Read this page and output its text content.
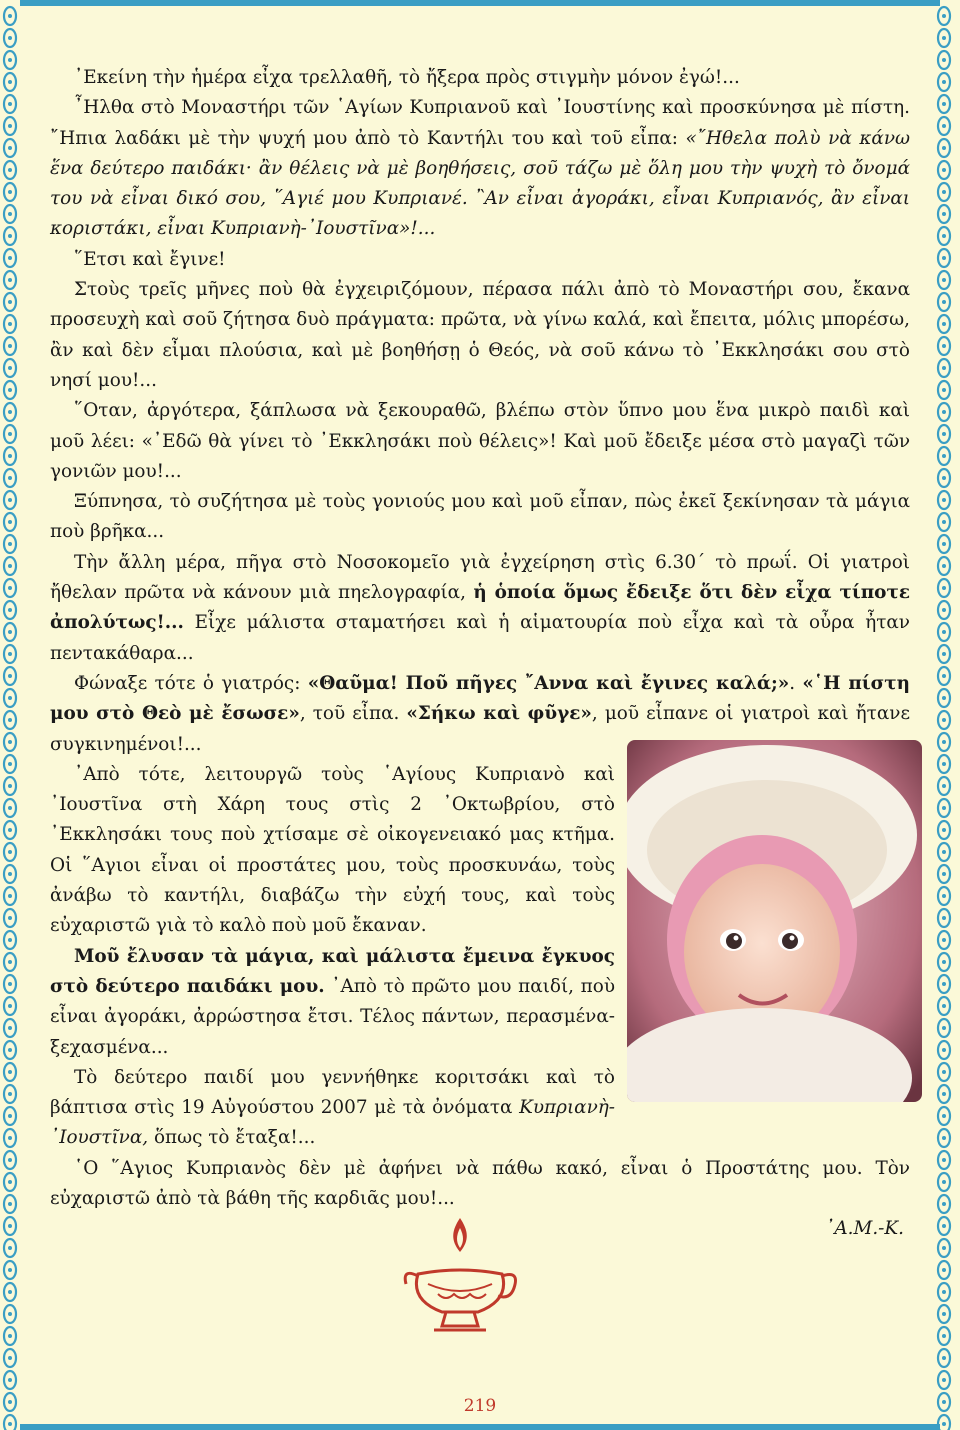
᾿Εκείνη τὴν ἡμέρα εἶχα τρελλαθῆ, τὸ ἤξερα πρὸς στιγμὴν μόνον ἐγώ!...

῏Ηλθα στὸ Μοναστήρι τῶν ῾Αγίων Κυπριανοῦ καὶ ᾿Ιουστίνης καὶ προσκύνησα μὲ πίστη. ῎Ηπια λαδάκι μὲ τὴν ψυχή μου ἀπὸ τὸ Καντήλι του καὶ τοῦ εἶπα: «῎Ηθελα πολὺ νὰ κάνω ἕνα δεύτερο παιδάκι· ἂν θέλεις νὰ μὲ βοηθήσεις, σοῦ τάζω μὲ ὅλη μου τὴν ψυχὴ τὸ ὄνομά του νὰ εἶναι δικό σου, ῞Αγιέ μου Κυπριανέ. ῍Αν εἶναι ἀγοράκι, εἶναι Κυπριανός, ἂν εἶναι κοριστάκι, εἶναι Κυπριανὴ-᾿Ιουστῖνα»!...

῞Ετσι καὶ ἔγινε!

Στοὺς τρεῖς μῆνες ποὺ θὰ ἐγχειριζόμουν, πέρασα πάλι ἀπὸ τὸ Μοναστήρι σου, ἔκανα προσευχὴ καὶ σοῦ ζήτησα δυὸ πράγματα: πρῶτα, νὰ γίνω καλά, καὶ ἔπειτα, μόλις μπορέσω, ἂν καὶ δὲν εἶμαι πλούσια, καὶ μὲ βοηθήσῃ ὁ Θεός, νὰ σοῦ κάνω τὸ ᾿Εκκλησάκι σου στὸ νησί μου!...

῞Οταν, ἀργότερα, ξάπλωσα νὰ ξεκουραθῶ, βλέπω στὸν ὕπνο μου ἕνα μικρὸ παιδὶ καὶ μοῦ λέει: «᾿Εδῶ θὰ γίνει τὸ ᾿Εκκλησάκι ποὺ θέλεις»! Καὶ μοῦ ἔδειξε μέσα στὸ μαγαζὶ τῶν γονιῶν μου!...

Ξύπνησα, τὸ συζήτησα μὲ τοὺς γονιούς μου καὶ μοῦ εἶπαν, πὼς ἐκεῖ ξεκίνησαν τὰ μάγια ποὺ βρῆκα...

Τὴν ἄλλη μέρα, πῆγα στὸ Νοσοκομεῖο γιὰ ἐγχείρηση στὶς 6.30´ τὸ πρωΐ. Οἱ γιατροὶ ἤθελαν πρῶτα νὰ κάνουν μιὰ πηελογραφία, ἡ ὁποία ὅμως ἔδειξε ὅτι δὲν εἶχα τίποτε ἀπολύτως!... Εἶχε μάλιστα σταματήσει καὶ ἡ αἱματουρία ποὺ εἶχα καὶ τὰ οὖρα ἦταν πεντακάθαρα...

Φώναξε τότε ὁ γιατρός: «Θαῦμα! Ποῦ πῆγες ῎Αννα καὶ ἔγινες καλά;». «῾Η πίστη μου στὸ Θεὸ μὲ ἔσωσε», τοῦ εἶπα. «Σήκω καὶ φῦγε», μοῦ εἶπανε οἱ γιατροὶ καὶ ἤτανε συγκινημένοι!...

᾿Απὸ τότε, λειτουργῶ τοὺς ῾Αγίους Κυπριανὸ καὶ ᾿Ιουστῖνα στὴ Χάρη τους στὶς 2 ᾿Οκτωβρίου, στὸ ᾿Εκκλησάκι τους ποὺ χτίσαμε σὲ οἰκογενειακό μας κτῆμα. Οἱ ῞Αγιοι εἶναι οἱ προστάτες μου, τοὺς προσκυνάω, τοὺς ἀνάβω τὸ καντήλι, διαβάζω τὴν εὐχή τους, καὶ τοὺς εὐχαριστῶ γιὰ τὸ καλὸ ποὺ μοῦ ἔκαναν.

Μοῦ ἔλυσαν τὰ μάγια, καὶ μάλιστα ἔμεινα ἔγκυος στὸ δεύτερο παιδάκι μου. ᾿Απὸ τὸ πρῶτο μου παιδί, ποὺ εἶναι ἀγοράκι, ἀρρώστησα ἔτσι. Τέλος πάντων, περασμένα-ξεχασμένα...

Τὸ δεύτερο παιδί μου γεννήθηκε κοριτσάκι καὶ τὸ βάπτισα στὶς 19 Αὐγούστου 2007 μὲ τὰ ὀνόματα Κυπριανὴ-᾿Ιουστῖνα, ὅπως τὸ ἔταξα!...

῾Ο ῞Αγιος Κυπριανὸς δὲν μὲ ἀφήνει νὰ πάθω κακό, εἶναι ὁ Προστάτης μου. Τὸν εὐχαριστῶ ἀπὸ τὰ βάθη τῆς καρδιᾶς μου!...

᾿Α.Μ.-Κ.

219
